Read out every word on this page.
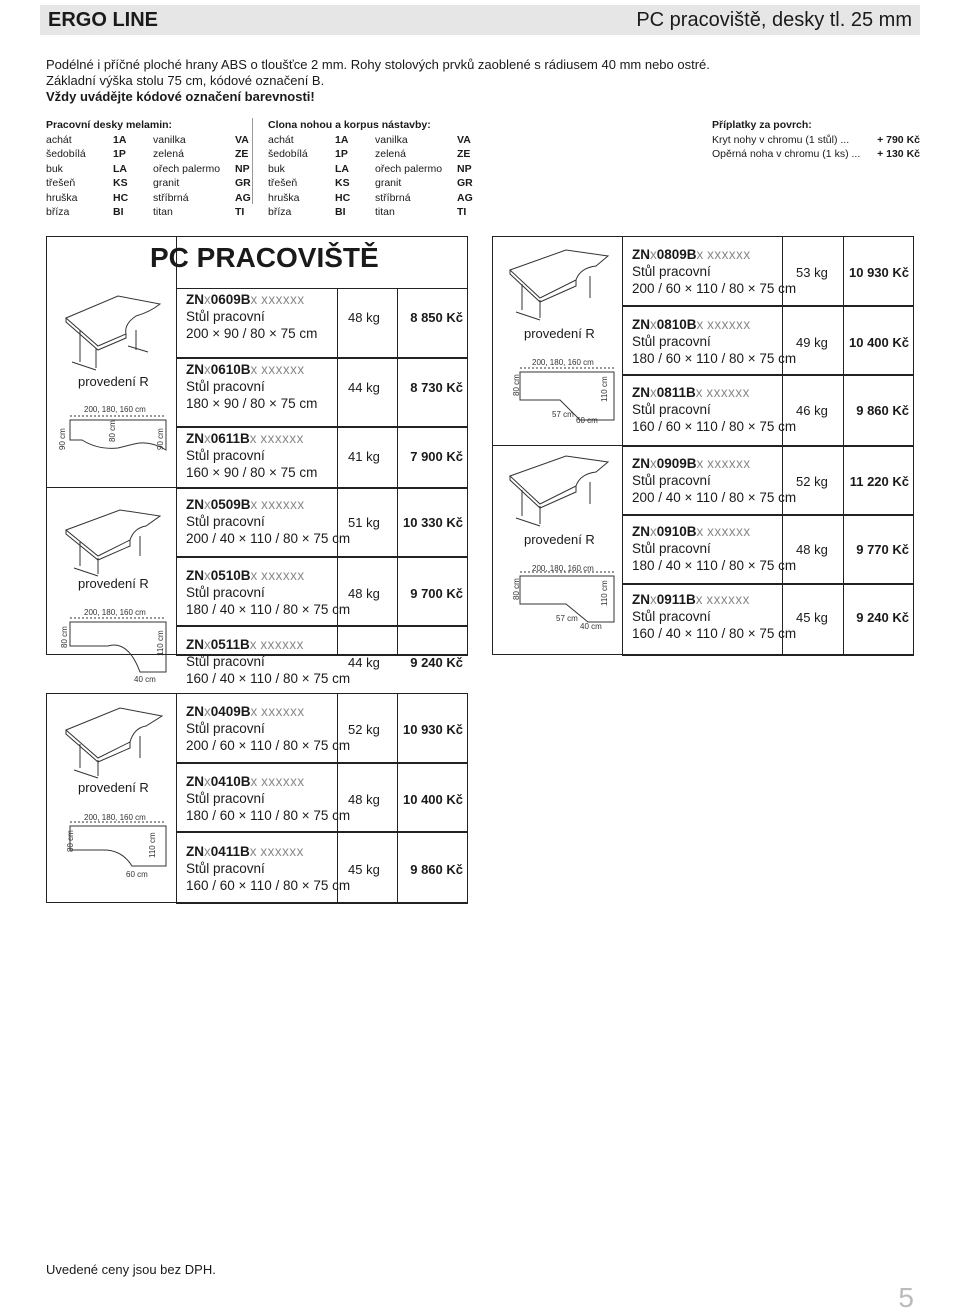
ERGO LINE	PC pracoviště, desky tl. 25 mm
Podélné i příčné ploché hrany ABS o tloušťce 2 mm. Rohy stolových prvků zaoblené s rádiusem 40 mm nebo ostré.
Základní výška stolu 75 cm, kódové označení B.
Vždy uvádějte kódové označení barevnosti!
Pracovní desky melamin:
achát	1A	vanilka	VA
šedobílá	1P	zelená	ZE
buk	LA	ořech palermo	NP
třešeň	KS	granit	GR
hruška	HC	stříbrná	AG
bříza	BI	titan	TI
Clona nohou a korpus nástavby:
achát	1A	vanilka	VA
šedobílá	1P	zelená	ZE
buk	LA	ořech palermo	NP
třešeň	KS	granit	GR
hruška	HC	stříbrná	AG
bříza	BI	titan	TI
Příplatky za povrch:
Kryt nohy v chromu (1 stůl) ...	+ 790 Kč
Opěrná noha v chromu (1 ks) ... + 130 Kč
PC PRACOVIŠTĚ
provedení R
200, 180, 160 cm
90 cm	80 cm	90 cm
provedení R
200, 180, 160 cm
80 cm	110 cm
40 cm
provedení R
200, 180, 160 cm
80 cm	110 cm
60 cm
provedení R
200, 180, 160 cm
80 cm	110 cm
57 cm
60 cm
provedení R
200, 180, 160 cm
80 cm	110 cm
57 cm
40 cm
ZNx0609Bx xxxxxx
Stůl pracovní
200 × 90 / 80 × 75 cm
48 kg	8 850 Kč
ZNx0610Bx xxxxxx
Stůl pracovní
180 × 90 / 80 × 75 cm
44 kg	8 730 Kč
ZNx0611Bx xxxxxx
Stůl pracovní
160 × 90 / 80 × 75 cm
41 kg	7 900 Kč
ZNx0509Bx xxxxxx
Stůl pracovní
200 / 40 × 110 / 80 × 75 cm
51 kg	10 330 Kč
ZNx0510Bx xxxxxx
Stůl pracovní
180 / 40 × 110 / 80 × 75 cm
48 kg	9 700 Kč
ZNx0511Bx xxxxxx
Stůl pracovní
160 / 40 × 110 / 80 × 75 cm
44 kg	9 240 Kč
ZNx0409Bx xxxxxx
Stůl pracovní
200 / 60 × 110 / 80 × 75 cm
52 kg	10 930 Kč
ZNx0410Bx xxxxxx
Stůl pracovní
180 / 60 × 110 / 80 × 75 cm
48 kg	10 400 Kč
ZNx0411Bx xxxxxx
Stůl pracovní
160 / 60 × 110 / 80 × 75 cm
45 kg	9 860 Kč
ZNx0809Bx xxxxxx
Stůl pracovní
200 / 60 × 110 / 80 × 75 cm
53 kg	10 930 Kč
ZNx0810Bx xxxxxx
Stůl pracovní
180 / 60 × 110 / 80 × 75 cm
49 kg	10 400 Kč
ZNx0811Bx xxxxxx
Stůl pracovní
160 / 60 × 110 / 80 × 75 cm
46 kg	9 860 Kč
ZNx0909Bx xxxxxx
Stůl pracovní
200 / 40 × 110 / 80 × 75 cm
52 kg	11 220 Kč
ZNx0910Bx xxxxxx
Stůl pracovní
180 / 40 × 110 / 80 × 75 cm
48 kg	9 770 Kč
ZNx0911Bx xxxxxx
Stůl pracovní
160 / 40 × 110 / 80 × 75 cm
45 kg	9 240 Kč
Uvedené ceny jsou bez DPH.
5
